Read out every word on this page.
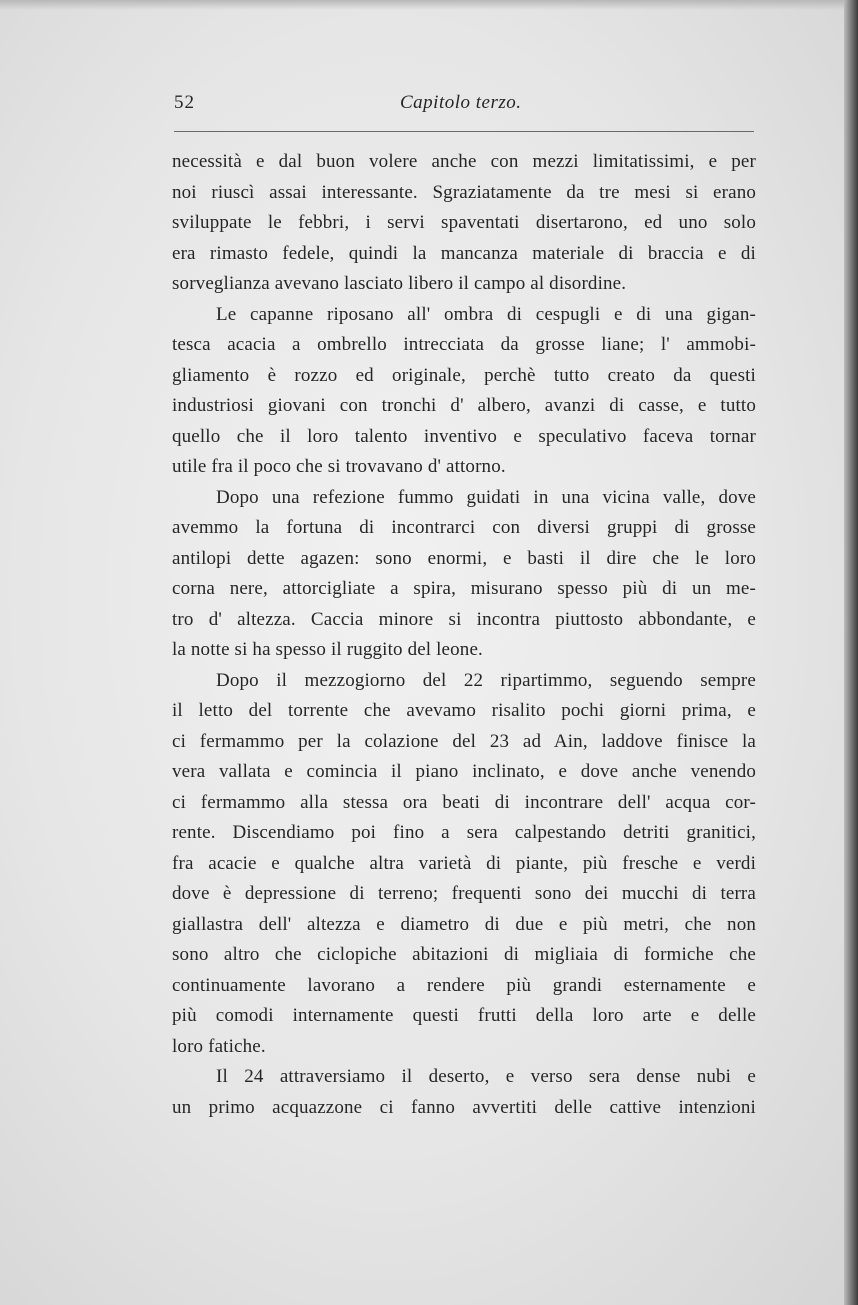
52	Capitolo terzo.
necessità e dal buon volere anche con mezzi limitatissimi, e per
noi riuscì assai interessante. Sgraziatamente da tre mesi si erano
sviluppate le febbri, i servi spaventati disertarono, ed uno solo
era rimasto fedele, quindi la mancanza materiale di braccia e di
sorveglianza avevano lasciato libero il campo al disordine.
Le capanne riposano all' ombra di cespugli e di una gigan-
tesca acacia a ombrello intrecciata da grosse liane; l' ammobi-
gliamento è rozzo ed originale, perchè tutto creato da questi
industriosi giovani con tronchi d' albero, avanzi di casse, e tutto
quello che il loro talento inventivo e speculativo faceva tornar
utile fra il poco che si trovavano d' attorno.
Dopo una refezione fummo guidati in una vicina valle, dove
avemmo la fortuna di incontrarci con diversi gruppi di grosse
antilopi dette agazen: sono enormi, e basti il dire che le loro
corna nere, attorcigliate a spira, misurano spesso più di un me-
tro d' altezza. Caccia minore si incontra piuttosto abbondante, e
la notte si ha spesso il ruggito del leone.
Dopo il mezzogiorno del 22 ripartimmo, seguendo sempre
il letto del torrente che avevamo risalito pochi giorni prima, e
ci fermammo per la colazione del 23 ad Ain, laddove finisce la
vera vallata e comincia il piano inclinato, e dove anche venendo
ci fermammo alla stessa ora beati di incontrare dell' acqua cor-
rente. Discendiamo poi fino a sera calpestando detriti granitici,
fra acacie e qualche altra varietà di piante, più fresche e verdi
dove è depressione di terreno; frequenti sono dei mucchi di terra
giallastra dell' altezza e diametro di due e più metri, che non
sono altro che ciclopiche abitazioni di migliaia di formiche che
continuamente lavorano a rendere più grandi esternamente e
più comodi internamente questi frutti della loro arte e delle
loro fatiche.
Il 24 attraversiamo il deserto, e verso sera dense nubi e
un primo acquazzone ci fanno avvertiti delle cattive intenzioni
